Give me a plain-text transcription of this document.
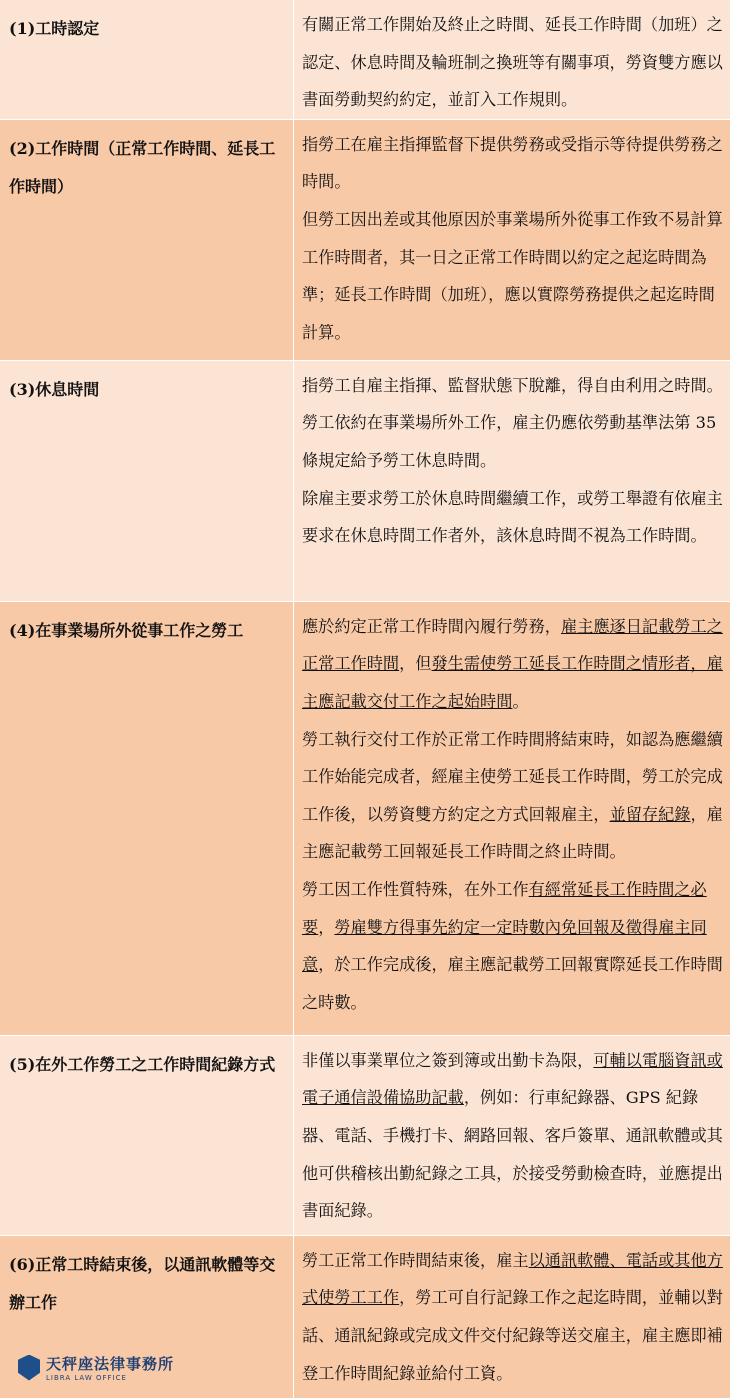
(1)工時認定	有關正常工作開始及終止之時間、延長工作時間（加班）之認定、休息時間及輪班制之換班等有關事項，勞資雙方應以書面勞動契約約定，並訂入工作規則。

(2)工作時間（正常工作時間、延長工作時間）	指勞工在雇主指揮監督下提供勞務或受指示等待提供勞務之時間。

但勞工因出差或其他原因於事業場所外從事工作致不易計算工作時間者，其一日之正常工作時間以約定之起迄時間為準；延長工作時間（加班），應以實際勞務提供之起迄時間計算。

(3)休息時間	指勞工自雇主指揮、監督狀態下脫離，得自由利用之時間。勞工依約在事業場所外工作，雇主仍應依勞動基準法第 35 條規定給予勞工休息時間。

除雇主要求勞工於休息時間繼續工作，或勞工舉證有依雇主要求在休息時間工作者外，該休息時間不視為工作時間。

(4)在事業場所外從事工作之勞工	應於約定正常工作時間內履行勞務，雇主應逐日記載勞工之正常工作時間，但發生需使勞工延長工作時間之情形者，雇主應記載交付工作之起始時間。

勞工執行交付工作於正常工作時間將結束時，如認為應繼續工作始能完成者，經雇主使勞工延長工作時間，勞工於完成工作後，以勞資雙方約定之方式回報雇主，並留存紀錄，雇主應記載勞工回報延長工作時間之終止時間。

勞工因工作性質特殊，在外工作有經常延長工作時間之必要，勞雇雙方得事先約定一定時數內免回報及徵得雇主同意，於工作完成後，雇主應記載勞工回報實際延長工作時間之時數。

(5)在外工作勞工之工作時間紀錄方式	非僅以事業單位之簽到簿或出勤卡為限，可輔以電腦資訊或電子通信設備協助記載，例如：行車紀錄器、GPS 紀錄器、電話、手機打卡、網路回報、客戶簽單、通訊軟體或其他可供稽核出勤紀錄之工具，於接受勞動檢查時，並應提出書面紀錄。

(6)正常工時結束後，以通訊軟體等交辦工作	勞工正常工作時間結束後，雇主以通訊軟體、電話或其他方式使勞工工作，勞工可自行記錄工作之起迄時間，並輔以對話、通訊紀錄或完成文件交付紀錄等送交雇主，雇主應即補登工作時間紀錄並給付工資。

天秤座法律事務所
LIBRA LAW OFFICE
